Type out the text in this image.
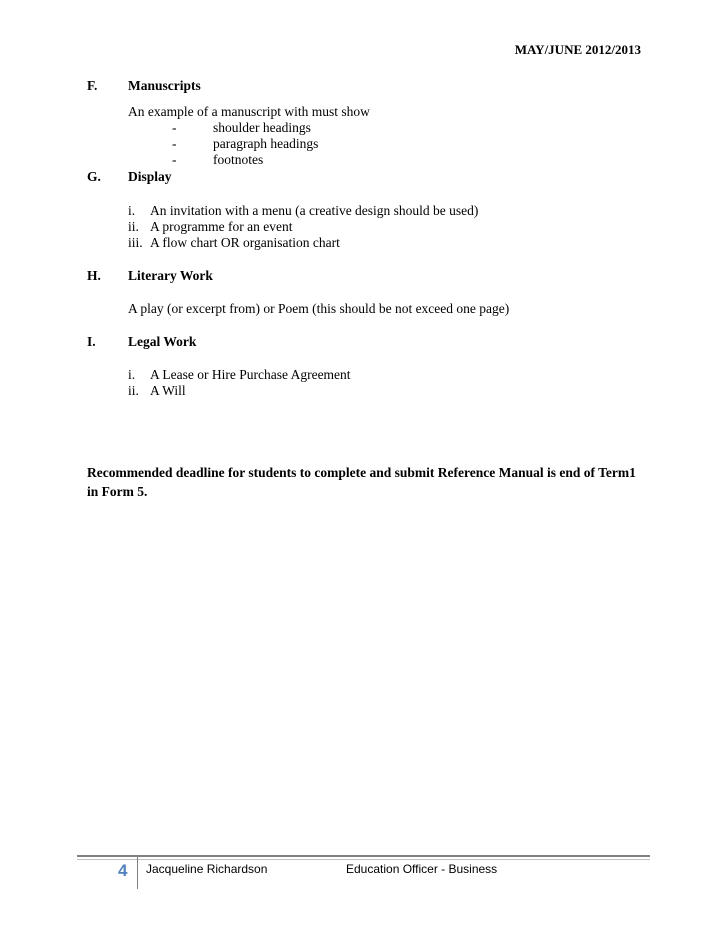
MAY/JUNE 2012/2013
F. Manuscripts
An example of a manuscript with must show
-	shoulder headings
-	paragraph headings
-	footnotes
G. Display
i. An invitation with a menu (a creative design should be used)
ii. A programme for an event
iii. A flow chart OR organisation chart
H. Literary Work
A play (or excerpt from) or Poem (this should be not exceed one page)
I. Legal Work
i. A Lease or Hire Purchase Agreement
ii. A Will
Recommended deadline for students to complete and submit Reference Manual is end of Term1 in Form 5.
4 Jacqueline Richardson	Education Officer - Business
